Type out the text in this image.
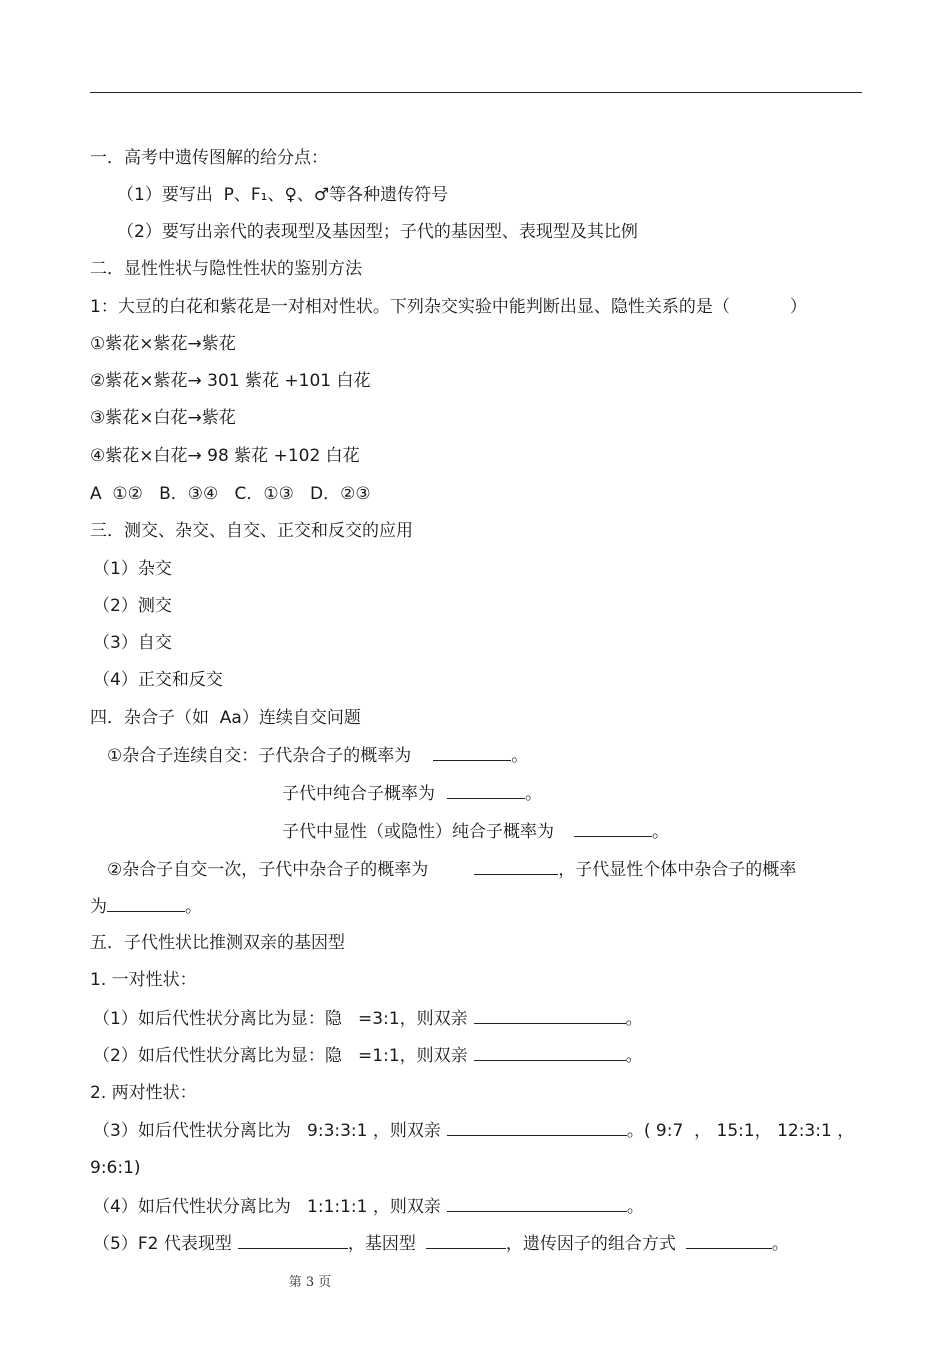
一．高考中遗传图解的给分点：
（1）要写出  P、F₁、♀、♂等各种遗传符号
（2）要写出亲代的表现型及基因型；子代的基因型、表现型及其比例
二．显性性状与隐性性状的鉴别方法
1：大豆的白花和紫花是一对相对性状。下列杂交实验中能判断出显、隐性关系的是（	）
①紫花×紫花→紫花
②紫花×紫花→ 301 紫花 +101 白花
③紫花×白花→紫花
④紫花×白花→ 98 紫花 +102 白花
A  ①②   B．③④   C．①③   D．②③
三．测交、杂交、自交、正交和反交的应用
（1）杂交
（2）测交
（3）自交
（4）正交和反交
四．杂合子（如  Aa）连续自交问题
①杂合子连续自交：子代杂合子的概率为	。
子代中纯合子概率为	。
子代中显性（或隐性）纯合子概率为	。
②杂合子自交一次，子代中杂合子的概率为	，子代显性个体中杂合子的概率
为	。
五．子代性状比推测双亲的基因型
1. 一对性状：
（1）如后代性状分离比为显：隐   =3:1，则双亲	。
（2）如后代性状分离比为显：隐   =1:1，则双亲	。
2. 两对性状：
（3）如后代性状分离比为   9:3:3:1 ，则双亲	。( 9:7  ， 15:1， 12:3:1 ，
9:6:1)
（4）如后代性状分离比为   1:1:1:1 ，则双亲	。
（5）F2 代表现型	，基因型	，遗传因子的组合方式	。
第 3 页
